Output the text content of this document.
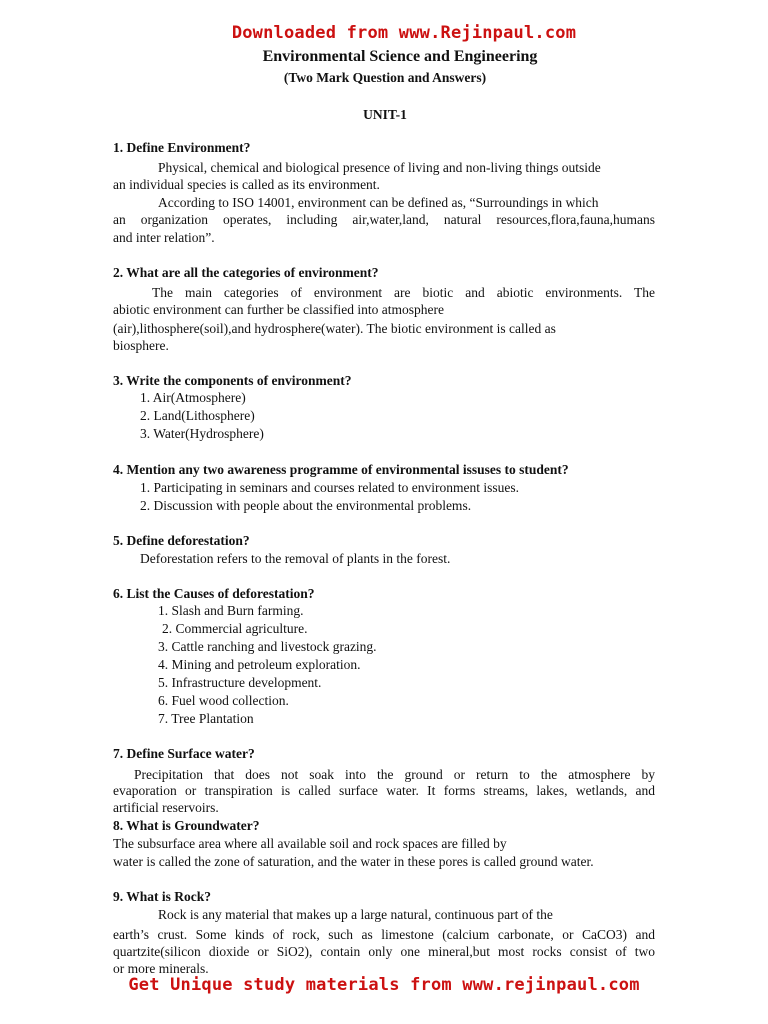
Downloaded from www.Rejinpaul.com
Environmental Science and Engineering
(Two Mark Question and Answers)
UNIT-1
1. Define Environment?
Physical, chemical and biological presence of living and non-living things outside
an individual species is called as its environment.
According to ISO 14001, environment can be defined as, “Surroundings in which
an organization operates, including air,water,land, natural resources,flora,fauna,humans
and inter relation”.
2. What are all the categories of environment?
The main categories of environment are biotic and abiotic environments. The
abiotic environment can further be classified into atmosphere
(air),lithosphere(soil),and hydrosphere(water). The biotic environment is called as
biosphere.
3. Write the components of environment?
1. Air(Atmosphere)
2. Land(Lithosphere)
3. Water(Hydrosphere)
4. Mention any two awareness programme of environmental issuses to student?
1. Participating in seminars and courses related to environment issues.
2. Discussion with people about the environmental problems.
5. Define deforestation?
Deforestation refers to the removal of plants in the forest.
6. List the Causes of deforestation?
1. Slash and Burn farming.
2. Commercial agriculture.
3. Cattle ranching and livestock grazing.
4. Mining and petroleum exploration.
5. Infrastructure development.
6. Fuel wood collection.
7. Tree Plantation
7. Define Surface water?
Precipitation that does not soak into the ground or return to the atmosphere by
evaporation or transpiration is called surface water. It forms streams, lakes, wetlands, and
artificial reservoirs.
8. What is Groundwater?
The subsurface area where all available soil and rock spaces are filled by
water is called the zone of saturation, and the water in these pores is called ground water.
9. What is Rock?
Rock is any material that makes up a large natural, continuous part of the
earth’s crust. Some kinds of rock, such as limestone (calcium carbonate, or CaCO3) and
quartzite(silicon dioxide or SiO2), contain only one mineral,but most rocks consist of two
or more minerals.
Get Unique study materials from www.rejinpaul.com
